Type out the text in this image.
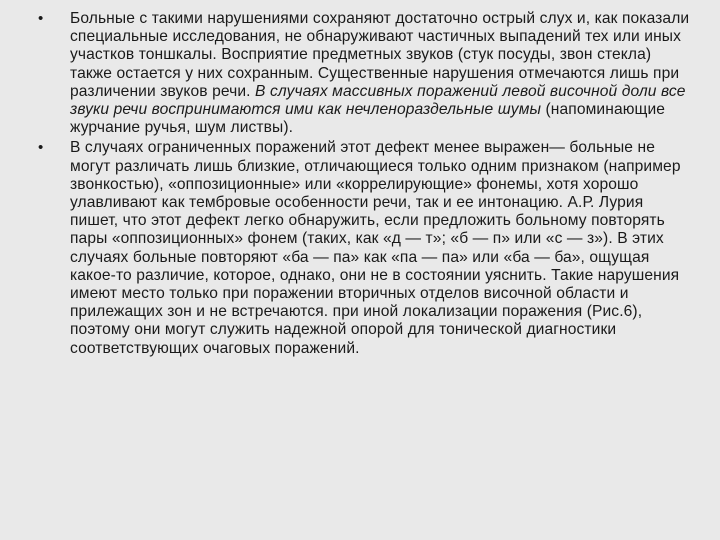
• Больные с такими нарушениями сохраняют достаточно острый слух и, как показали специальные исследования, не обнаруживают частичных выпадений тех или иных участков тоншкалы. Восприятие предметных звуков (стук посуды, звон стекла) также остается у них сохранным. Существенные нарушения отмечаются лишь при различении звуков речи. В случаях массивных поражений левой височной доли все звуки речи воспринимаются ими как нечленораздельные шумы (напоминающие журчание ручья, шум листвы).
• В случаях ограниченных поражений этот дефект менее выражен— больные не могут различать лишь близкие, отличающиеся только одним признаком (например звонкостью), «оппозиционные» или «коррелирующие» фонемы, хотя хорошо улавливают как тембровые особенности речи, так и ее интонацию. А.Р. Лурия пишет, что этот дефект легко обнаружить, если предложить больному повторять пары «оппозиционных» фонем (таких, как «д — т»; «б — п» или «с — з»). В этих случаях больные повторяют «ба — па» как «па — па» или «ба — ба», ощущая какое-то различие, которое, однако, они не в состоянии уяснить. Такие нарушения имеют место только при поражении вторичных отделов височной области и прилежащих зон и не встречаются. при иной локализации поражения (Рис.6), поэтому они могут служить надежной опорой для тонической диагностики соответствующих очаговых поражений.
